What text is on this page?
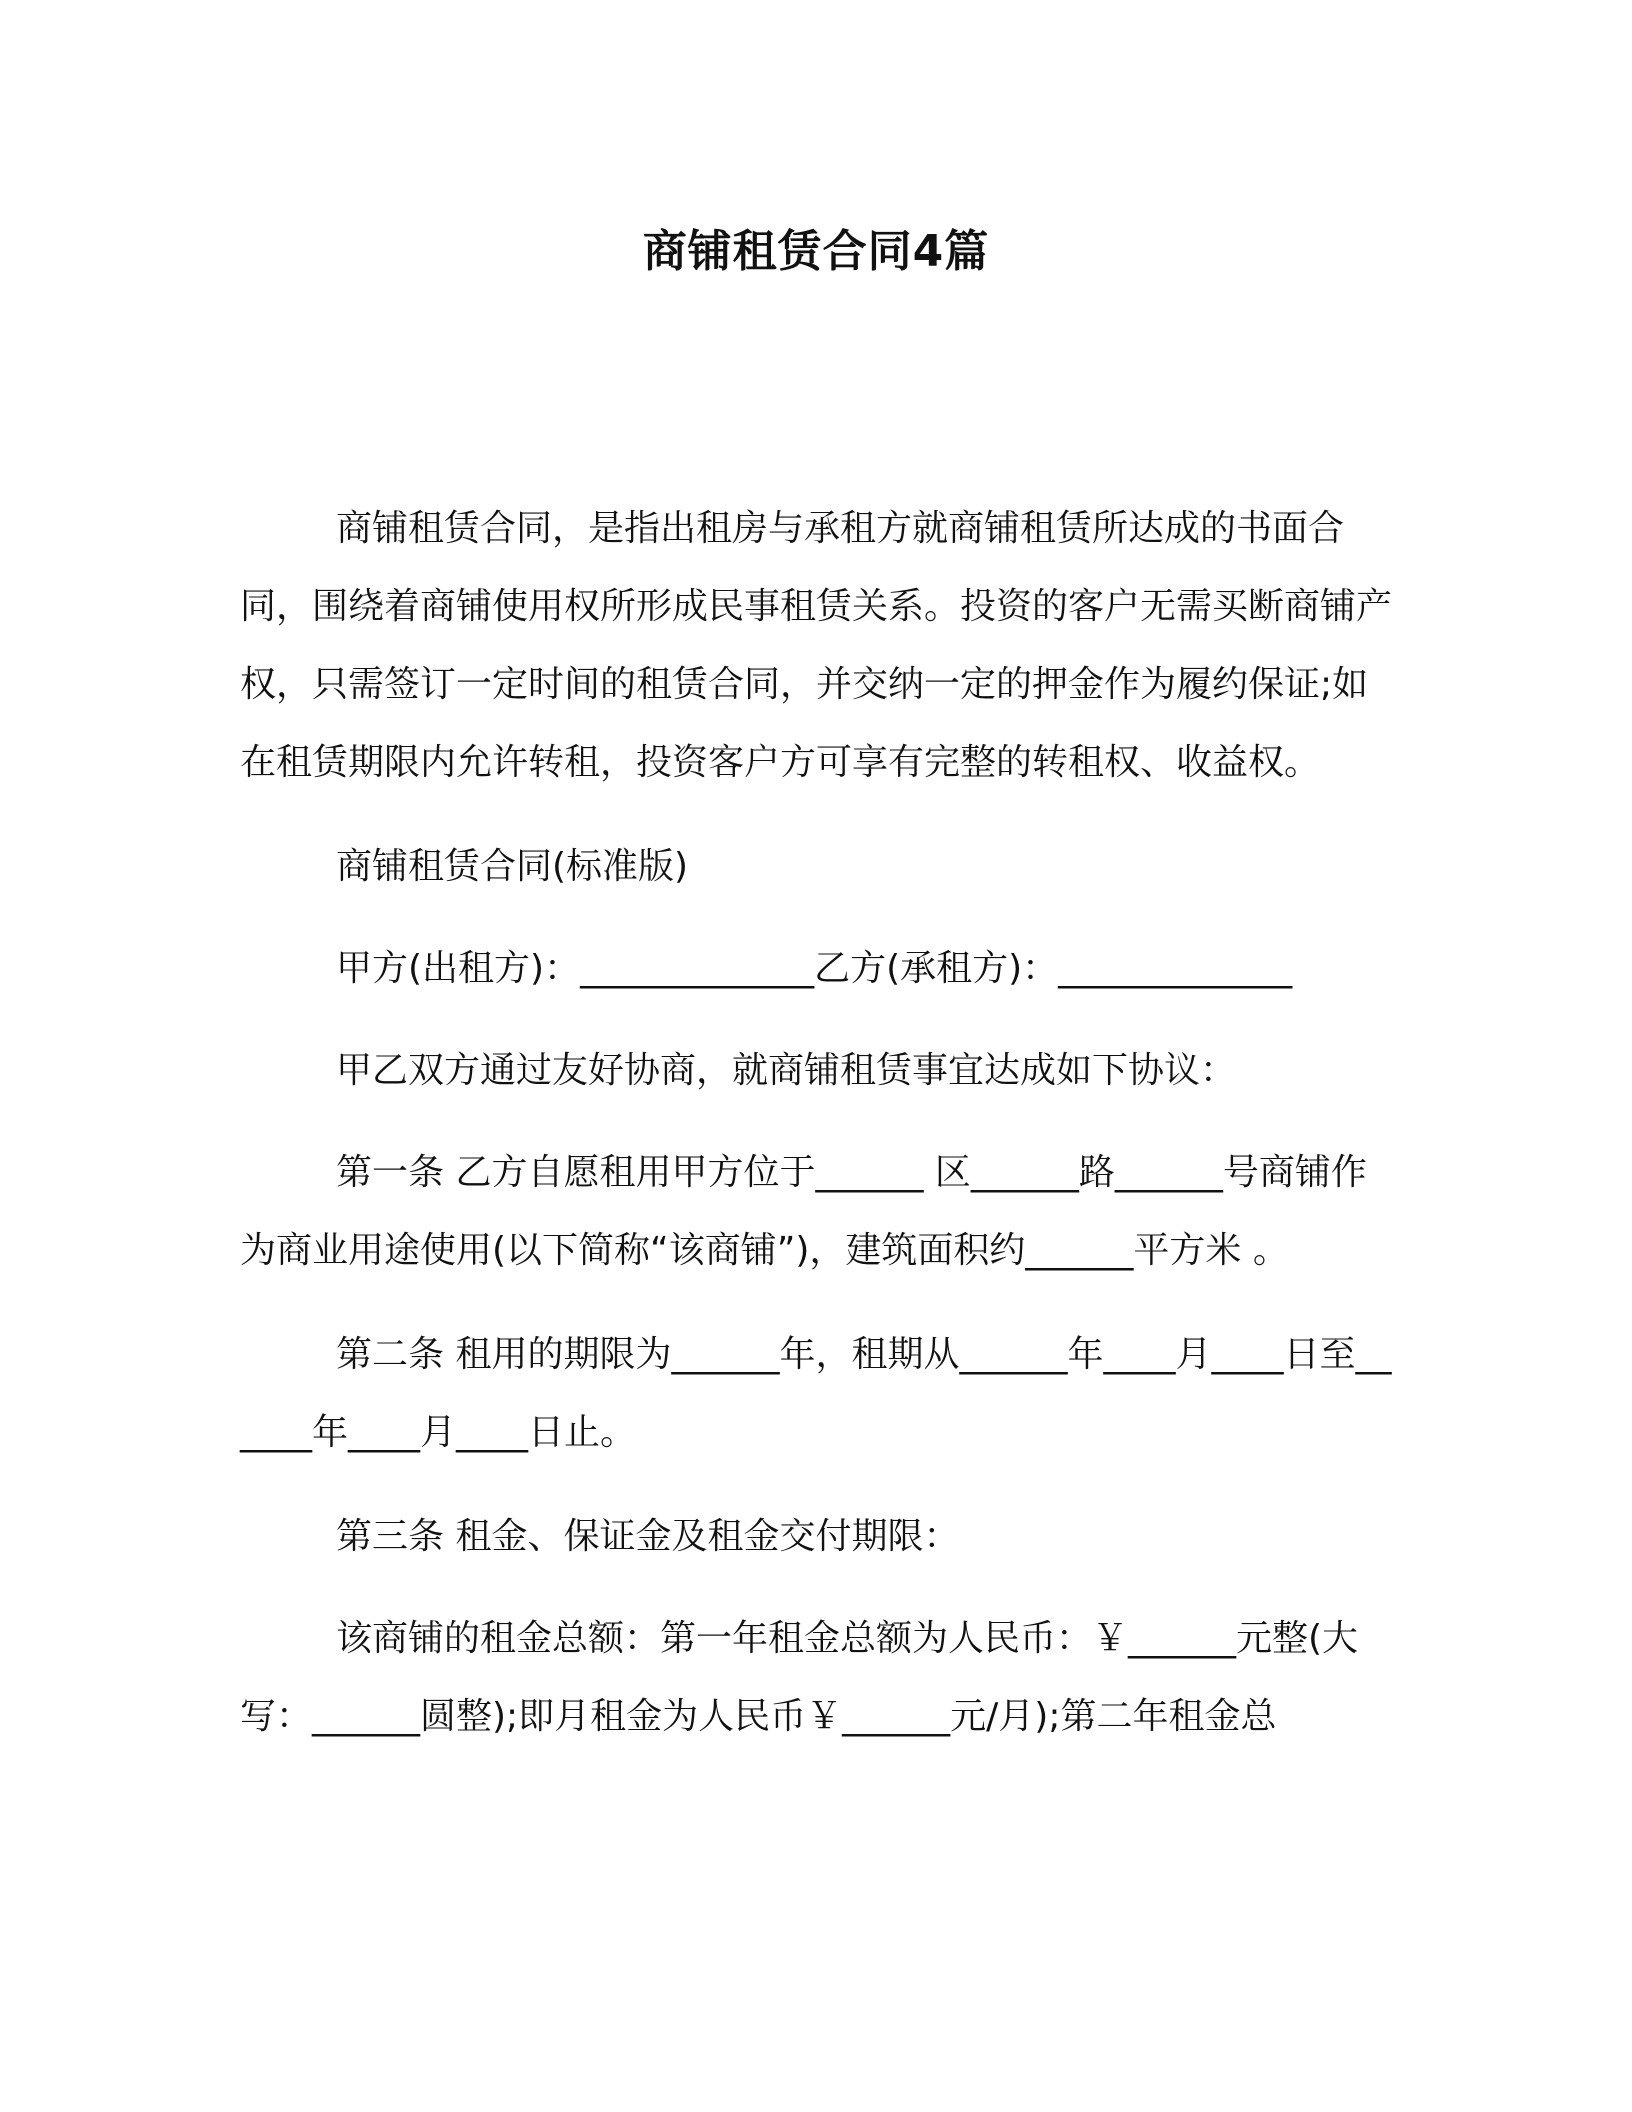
商铺租赁合同4篇

商铺租赁合同，是指出租房与承租方就商铺租赁所达成的书面合同，围绕着商铺使用权所形成民事租赁关系。投资的客户无需买断商铺产权，只需签订一定时间的租赁合同，并交纳一定的押金作为履约保证;如在租赁期限内允许转租，投资客户方可享有完整的转租权、收益权。

商铺租赁合同(标准版)

甲方(出租方)：_____________乙方(承租方)：_____________

甲乙双方通过友好协商，就商铺租赁事宜达成如下协议：

第一条 乙方自愿租用甲方位于______ 区______路______号商铺作为商业用途使用(以下简称“该商铺”)，建筑面积约______平方米 。

第二条 租用的期限为______年，租期从______年____月____日至______年____月____日止。

第三条 租金、保证金及租金交付期限：

该商铺的租金总额：第一年租金总额为人民币：￥______元整(大写：______圆整);即月租金为人民币￥______元/月);第二年租金总
